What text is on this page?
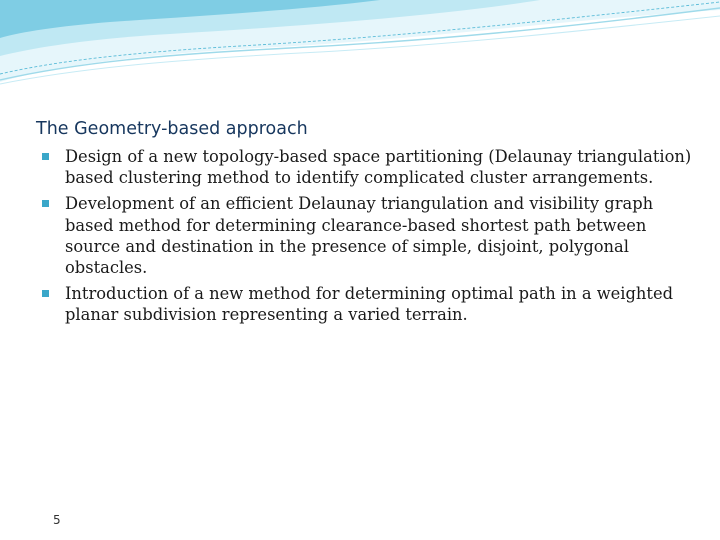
The Geometry-based approach
Design of a new topology-based space partitioning (Delaunay triangulation) based clustering method to identify complicated cluster arrangements.
Development of an efficient Delaunay triangulation and visibility graph based method for determining clearance-based shortest path between source and destination in the presence of simple, disjoint, polygonal obstacles.
Introduction of a new method for determining optimal path in a weighted planar subdivision representing a varied terrain.
5
